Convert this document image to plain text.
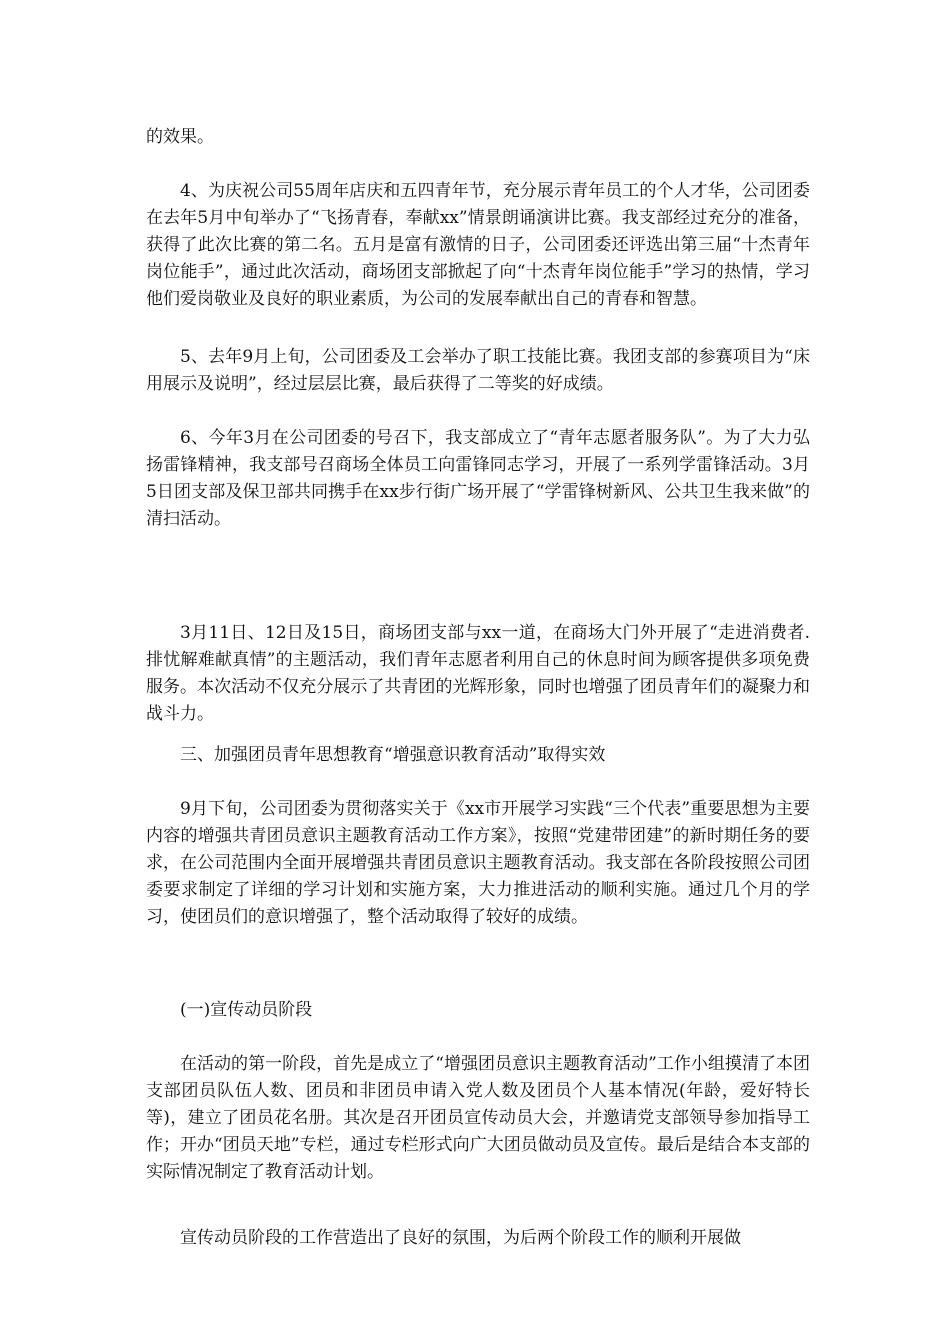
的效果。

4、为庆祝公司55周年店庆和五四青年节，充分展示青年员工的个人才华，公司团委在去年5月中旬举办了“飞扬青春，奉献xx”情景朗诵演讲比赛。我支部经过充分的准备，获得了此次比赛的第二名。五月是富有激情的日子，公司团委还评选出第三届“十杰青年岗位能手”，通过此次活动，商场团支部掀起了向“十杰青年岗位能手”学习的热情，学习他们爱岗敬业及良好的职业素质，为公司的发展奉献出自己的青春和智慧。

5、去年9月上旬，公司团委及工会举办了职工技能比赛。我团支部的参赛项目为“床用展示及说明”，经过层层比赛，最后获得了二等奖的好成绩。

6、今年3月在公司团委的号召下，我支部成立了“青年志愿者服务队”。为了大力弘扬雷锋精神，我支部号召商场全体员工向雷锋同志学习，开展了一系列学雷锋活动。3月5日团支部及保卫部共同携手在xx步行街广场开展了“学雷锋树新风、公共卫生我来做”的清扫活动。

3月11日、12日及15日，商场团支部与xx一道，在商场大门外开展了“走进消费者.排忧解难献真情”的主题活动，我们青年志愿者利用自己的休息时间为顾客提供多项免费服务。本次活动不仅充分展示了共青团的光辉形象，同时也增强了团员青年们的凝聚力和战斗力。

三、加强团员青年思想教育“增强意识教育活动”取得实效

9月下旬，公司团委为贯彻落实关于《xx市开展学习实践“三个代表”重要思想为主要内容的增强共青团员意识主题教育活动工作方案》，按照“党建带团建”的新时期任务的要求，在公司范围内全面开展增强共青团员意识主题教育活动。我支部在各阶段按照公司团委要求制定了详细的学习计划和实施方案，大力推进活动的顺利实施。通过几个月的学习，使团员们的意识增强了，整个活动取得了较好的成绩。

(一)宣传动员阶段

在活动的第一阶段，首先是成立了“增强团员意识主题教育活动”工作小组摸清了本团支部团员队伍人数、团员和非团员申请入党人数及团员个人基本情况(年龄，爱好特长等)，建立了团员花名册。其次是召开团员宣传动员大会，并邀请党支部领导参加指导工作；开办“团员天地”专栏，通过专栏形式向广大团员做动员及宣传。最后是结合本支部的实际情况制定了教育活动计划。

宣传动员阶段的工作营造出了良好的氛围，为后两个阶段工作的顺利开展做
